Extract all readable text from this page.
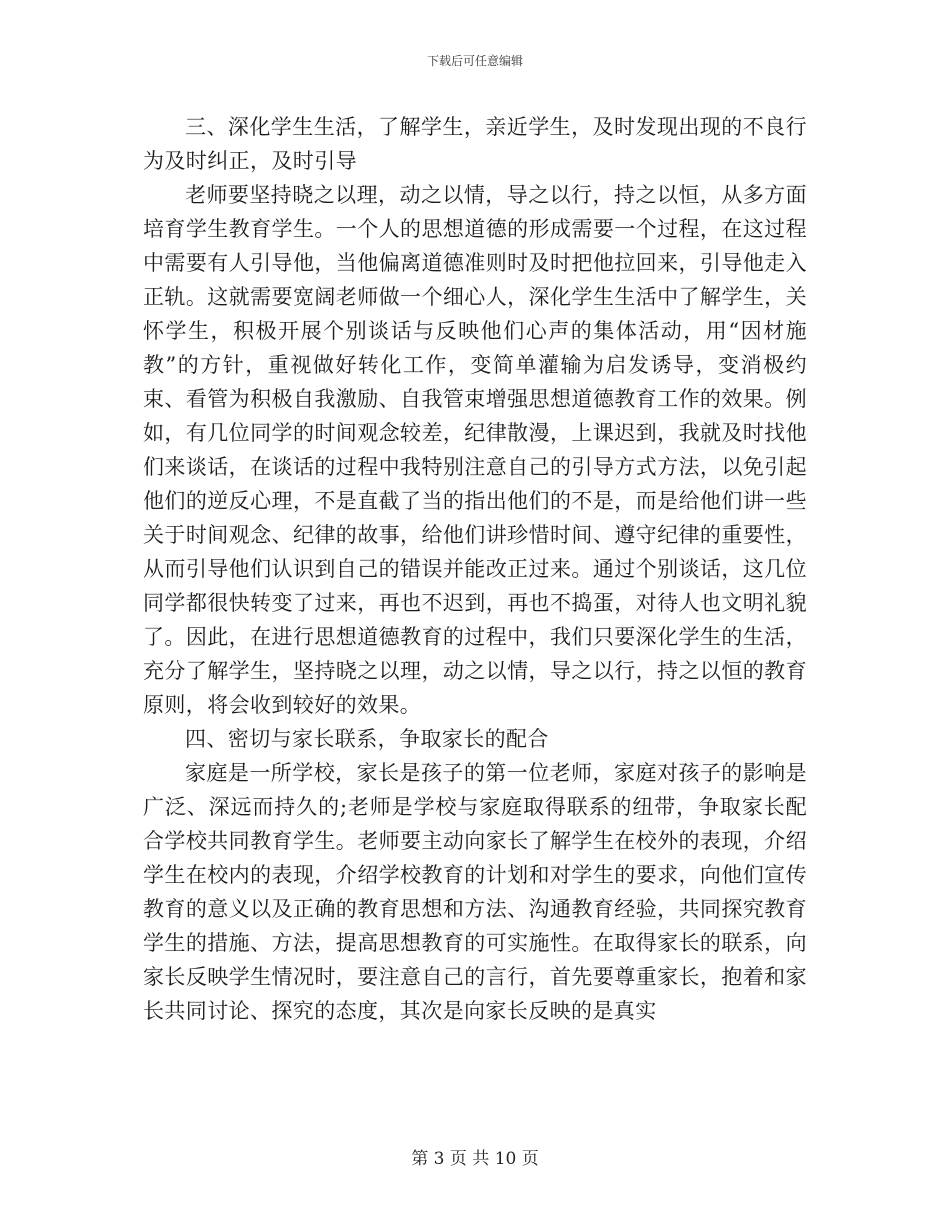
下载后可任意编辑

三、深化学生生活，了解学生，亲近学生，及时发现出现的不良行为及时纠正，及时引导

老师要坚持晓之以理，动之以情，导之以行，持之以恒，从多方面培育学生教育学生。一个人的思想道德的形成需要一个过程，在这过程中需要有人引导他，当他偏离道德准则时及时把他拉回来，引导他走入正轨。这就需要宽阔老师做一个细心人，深化学生生活中了解学生，关怀学生，积极开展个别谈话与反映他们心声的集体活动，用“因材施教”的方针，重视做好转化工作，变简单灌输为启发诱导，变消极约束、看管为积极自我激励、自我管束增强思想道德教育工作的效果。例如，有几位同学的时间观念较差，纪律散漫，上课迟到，我就及时找他们来谈话，在谈话的过程中我特别注意自己的引导方式方法，以免引起他们的逆反心理，不是直截了当的指出他们的不是，而是给他们讲一些关于时间观念、纪律的故事，给他们讲珍惜时间、遵守纪律的重要性，从而引导他们认识到自己的错误并能改正过来。通过个别谈话，这几位同学都很快转变了过来，再也不迟到，再也不捣蛋，对待人也文明礼貌了。因此，在进行思想道德教育的过程中，我们只要深化学生的生活，充分了解学生，坚持晓之以理，动之以情，导之以行，持之以恒的教育原则，将会收到较好的效果。

四、密切与家长联系，争取家长的配合

家庭是一所学校，家长是孩子的第一位老师，家庭对孩子的影响是广泛、深远而持久的;老师是学校与家庭取得联系的纽带，争取家长配合学校共同教育学生。老师要主动向家长了解学生在校外的表现，介绍学生在校内的表现，介绍学校教育的计划和对学生的要求，向他们宣传教育的意义以及正确的教育思想和方法、沟通教育经验，共同探究教育学生的措施、方法，提高思想教育的可实施性。在取得家长的联系，向家长反映学生情况时，要注意自己的言行，首先要尊重家长，抱着和家长共同讨论、探究的态度，其次是向家长反映的是真实

第 3 页 共 10 页
